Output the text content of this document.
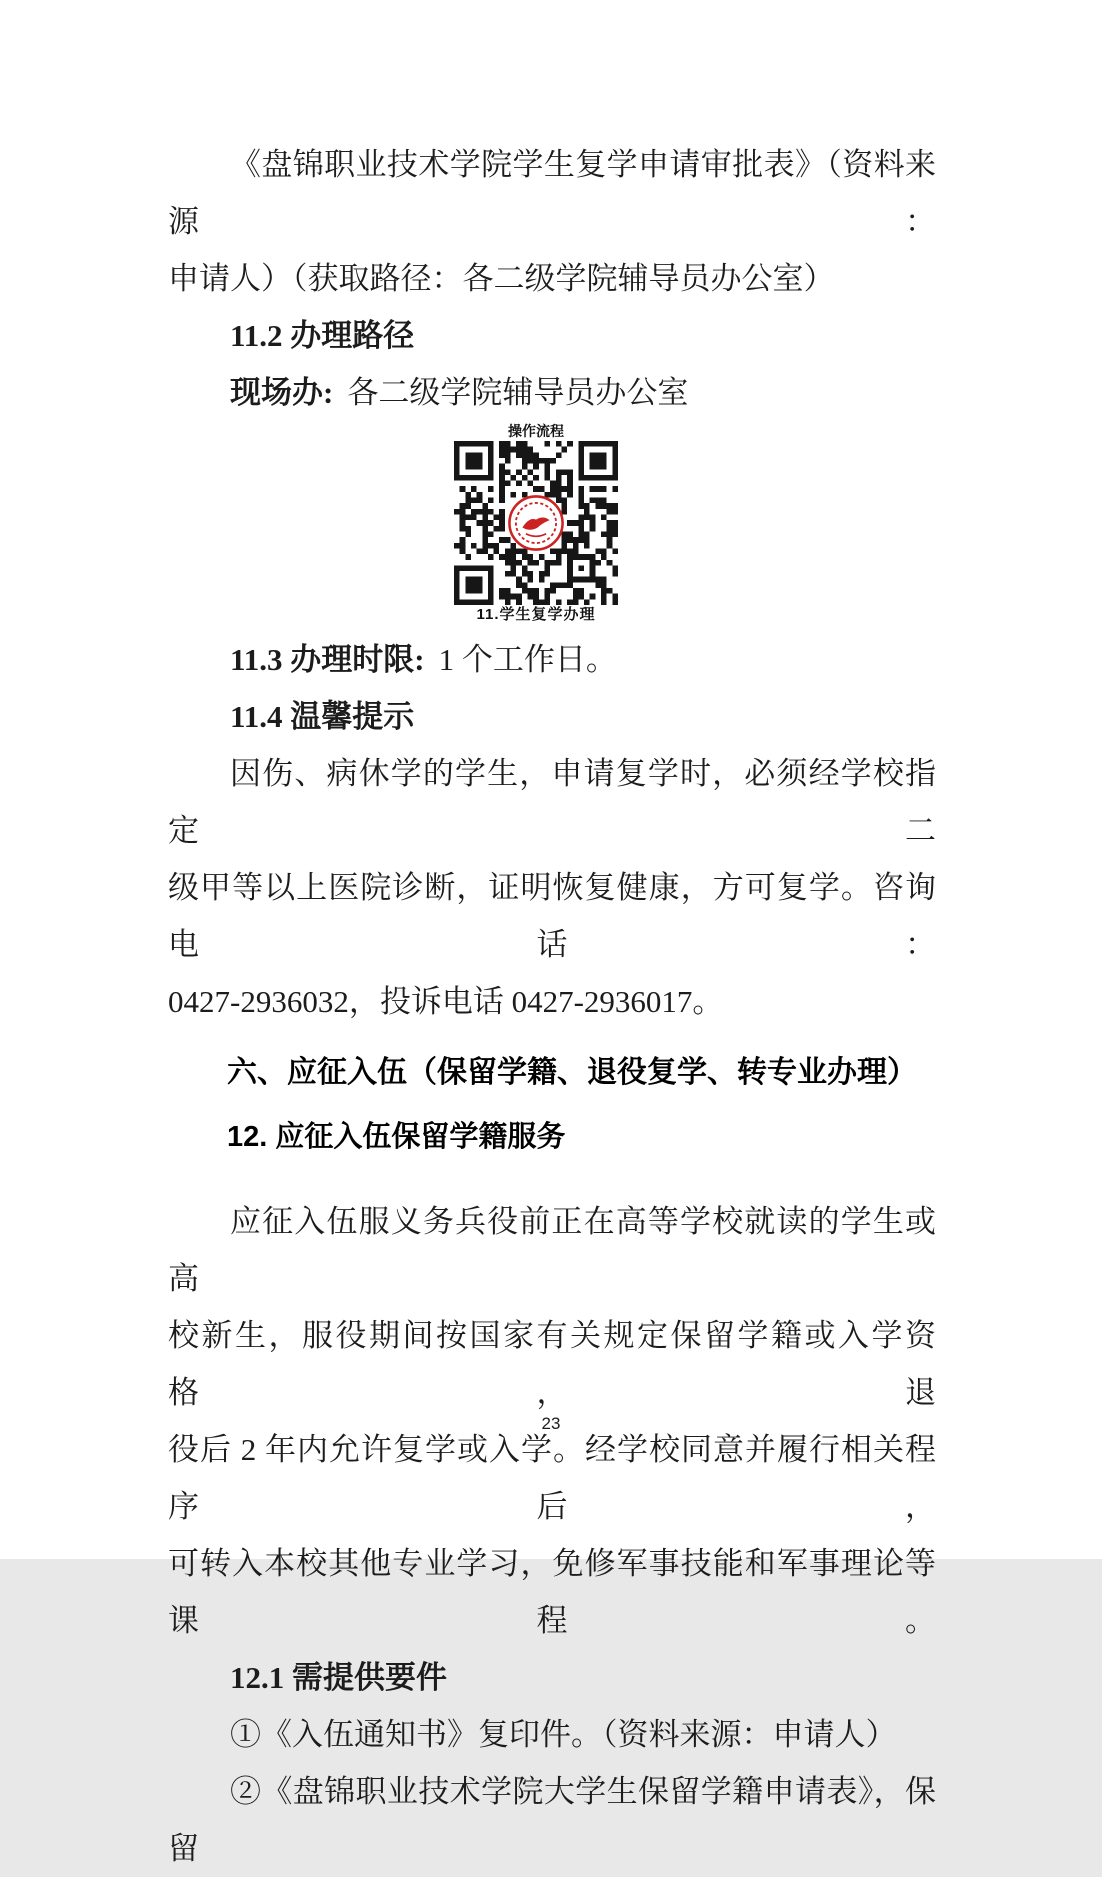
《盘锦职业技术学院学生复学申请审批表》（资料来源：
申请人）（获取路径：各二级学院辅导员办公室）
11.2 办理路径
现场办: 各二级学院辅导员办公室
操作流程
11.学生复学办理
11.3 办理时限: 1 个工作日。
11.4 温馨提示
因伤、病休学的学生，申请复学时，必须经学校指定二
级甲等以上医院诊断，证明恢复健康，方可复学。咨询电话：
0427-2936032，投诉电话 0427-2936017。
六、应征入伍（保留学籍、退役复学、转专业办理）
12. 应征入伍保留学籍服务
应征入伍服义务兵役前正在高等学校就读的学生或高
校新生，服役期间按国家有关规定保留学籍或入学资格，退
役后 2 年内允许复学或入学。经学校同意并履行相关程序后，
可转入本校其他专业学习，免修军事技能和军事理论等课程。
12.1 需提供要件
①《入伍通知书》复印件。（资料来源：申请人）
②《盘锦职业技术学院大学生保留学籍申请表》，保留
23
